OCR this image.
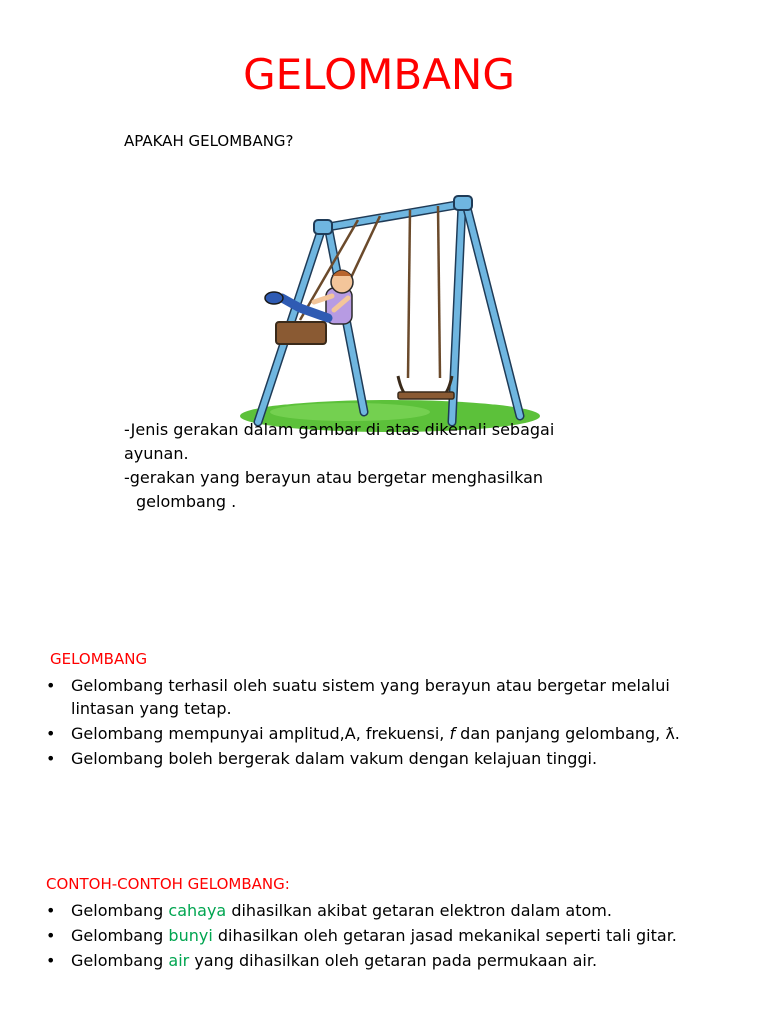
GELOMBANG
APAKAH GELOMBANG?

-Jenis gerakan dalam gambar di atas dikenali sebagai

ayunan.

-gerakan yang berayun atau bergetar menghasilkan

gelombang .

GELOMBANG
• Gelombang terhasil oleh suatu sistem yang berayun atau bergetar melalui lintasan yang tetap.
• Gelombang mempunyai amplitud,A, frekuensi, f dan panjang gelombang, ƛ.
• Gelombang boleh bergerak dalam vakum dengan kelajuan tinggi.
CONTOH-CONTOH GELOMBANG:
• Gelombang cahaya dihasilkan akibat getaran elektron dalam atom.
• Gelombang bunyi dihasilkan oleh getaran jasad mekanikal seperti tali gitar.
• Gelombang air yang dihasilkan oleh getaran pada permukaan air.
